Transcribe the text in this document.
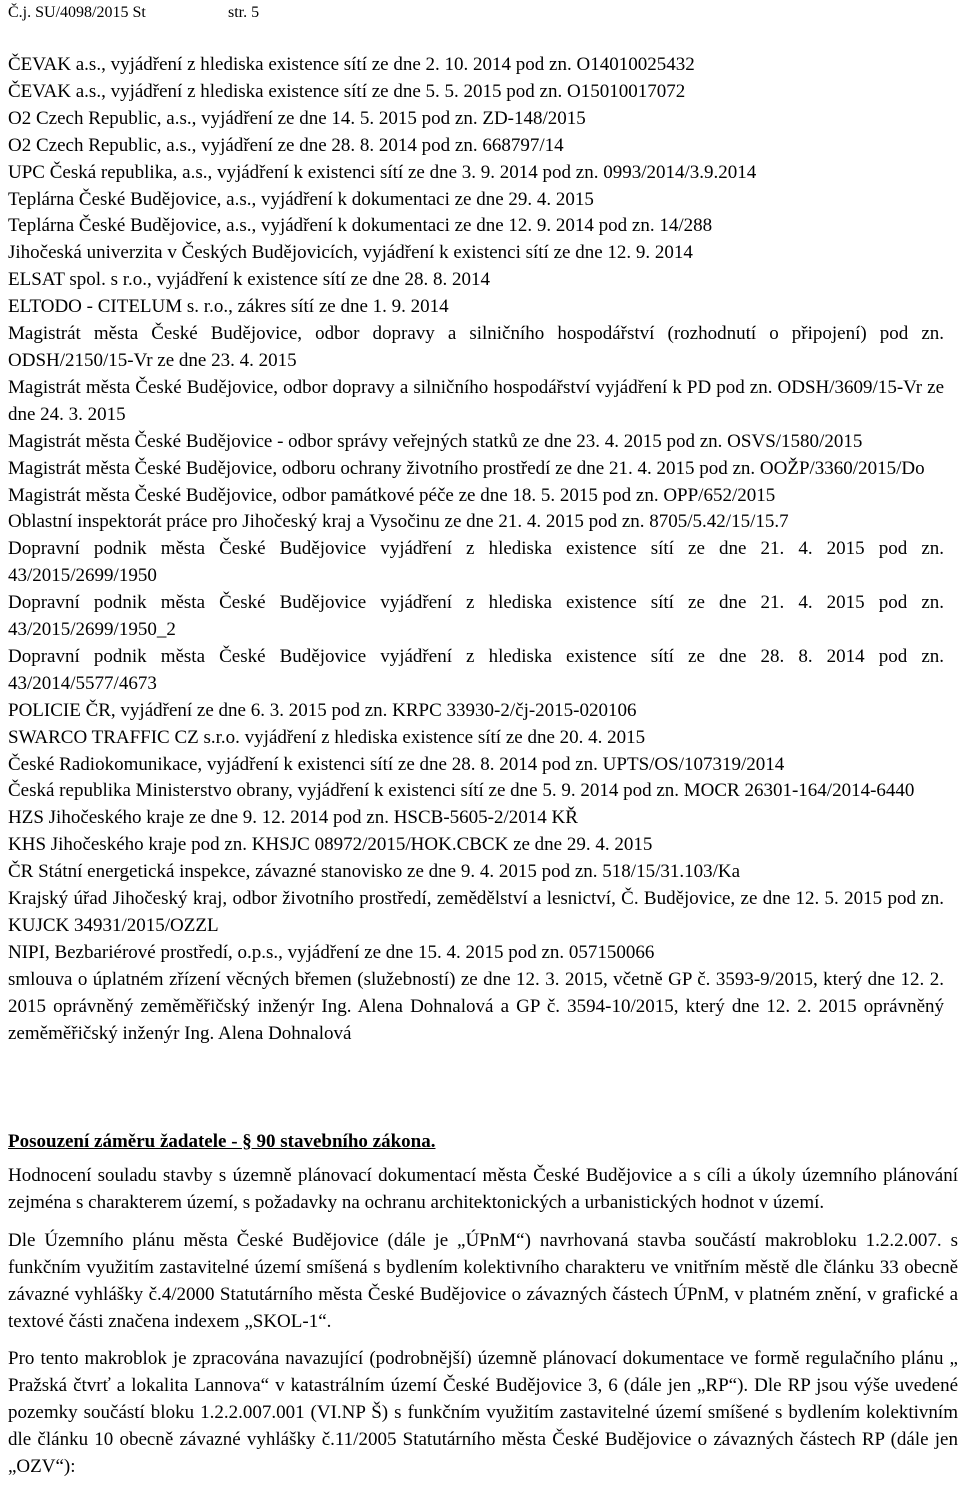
Č.j. SU/4098/2015 St	str. 5

ČEVAK a.s., vyjádření z hlediska existence sítí ze dne 2. 10. 2014 pod zn. O14010025432

ČEVAK a.s., vyjádření z hlediska existence sítí ze dne 5. 5. 2015 pod zn. O15010017072

O2 Czech Republic, a.s., vyjádření ze dne 14. 5. 2015 pod zn. ZD-148/2015

O2 Czech Republic, a.s., vyjádření ze dne 28. 8. 2014 pod zn. 668797/14

UPC Česká republika, a.s., vyjádření k existenci sítí ze dne 3. 9. 2014 pod zn. 0993/2014/3.9.2014

Teplárna České Budějovice, a.s., vyjádření k dokumentaci ze dne 29. 4. 2015

Teplárna České Budějovice, a.s., vyjádření k dokumentaci ze dne 12. 9. 2014 pod zn. 14/288

Jihočeská univerzita v Českých Budějovicích, vyjádření k existenci sítí ze dne 12. 9. 2014

ELSAT spol. s r.o., vyjádření k existence sítí ze dne 28. 8. 2014

ELTODO - CITELUM s. r.o., zákres sítí ze dne 1. 9. 2014

Magistrát města České Budějovice, odbor dopravy a silničního hospodářství (rozhodnutí o připojení) pod zn. ODSH/2150/15-Vr ze dne 23. 4. 2015

Magistrát města České Budějovice, odbor dopravy a silničního hospodářství vyjádření k PD pod zn. ODSH/3609/15-Vr ze dne 24. 3. 2015

Magistrát města České Budějovice - odbor správy veřejných statků ze dne 23. 4. 2015 pod zn. OSVS/1580/2015

Magistrát města České Budějovice, odboru ochrany životního prostředí ze dne 21. 4. 2015 pod zn. OOŽP/3360/2015/Do

Magistrát města České Budějovice, odbor památkové péče ze dne 18. 5. 2015 pod zn. OPP/652/2015

Oblastní inspektorát práce pro Jihočeský kraj a Vysočinu ze dne 21. 4. 2015 pod zn. 8705/5.42/15/15.7

Dopravní podnik města České Budějovice vyjádření z hlediska existence sítí ze dne 21. 4. 2015 pod zn. 43/2015/2699/1950

Dopravní podnik města České Budějovice vyjádření z hlediska existence sítí ze dne 21. 4. 2015 pod zn. 43/2015/2699/1950_2

Dopravní podnik města České Budějovice vyjádření z hlediska existence sítí ze dne 28. 8. 2014 pod zn. 43/2014/5577/4673

POLICIE ČR, vyjádření ze dne 6. 3. 2015 pod zn. KRPC 33930-2/čj-2015-020106

SWARCO TRAFFIC CZ s.r.o. vyjádření z hlediska existence sítí ze dne 20. 4. 2015

České Radiokomunikace, vyjádření k existenci sítí ze dne 28. 8. 2014 pod zn. UPTS/OS/107319/2014

Česká republika Ministerstvo obrany, vyjádření k existenci sítí ze dne 5. 9. 2014 pod zn. MOCR 26301-164/2014-6440

HZS Jihočeského kraje ze dne 9. 12. 2014 pod zn. HSCB-5605-2/2014 KŘ

KHS Jihočeského kraje pod zn. KHSJC 08972/2015/HOK.CBCK ze dne 29. 4. 2015

ČR Státní energetická inspekce, závazné stanovisko ze dne 9. 4. 2015 pod zn. 518/15/31.103/Ka

Krajský úřad Jihočeský kraj, odbor životního prostředí, zemědělství a lesnictví, Č. Budějovice, ze dne 12. 5. 2015 pod zn. KUJCK 34931/2015/OZZL

NIPI, Bezbariérové prostředí, o.p.s., vyjádření ze dne 15. 4. 2015 pod zn. 057150066

smlouva o úplatném zřízení věcných břemen (služebností) ze dne 12. 3. 2015, včetně GP č. 3593-9/2015, který dne 12. 2. 2015 oprávněný zeměměřičský inženýr Ing. Alena Dohnalová a GP č. 3594-10/2015, který dne 12. 2. 2015 oprávněný zeměměřičský inženýr Ing. Alena Dohnalová

Posouzení záměru žadatele - § 90 stavebního zákona.

Hodnocení souladu stavby s územně plánovací dokumentací města České Budějovice a s cíli a úkoly územního plánování zejména s charakterem území, s požadavky na ochranu architektonických a urbanistických hodnot v území.

Dle Územního plánu města České Budějovice (dále je „ÚPnM“) navrhovaná stavba součástí makrobloku 1.2.2.007. s funkčním využitím zastavitelné území smíšená s bydlením kolektivního charakteru ve vnitřním městě dle článku 33 obecně závazné vyhlášky č.4/2000 Statutárního města České Budějovice o závazných částech ÚPnM, v platném znění, v grafické a textové části značena indexem „SKOL-1“.

Pro tento makroblok je zpracována navazující (podrobnější) územně plánovací dokumentace ve formě regulačního plánu „ Pražská čtvrť a lokalita Lannova“ v katastrálním území České Budějovice 3, 6 (dále jen „RP“). Dle RP jsou výše uvedené pozemky součástí bloku 1.2.2.007.001 (VI.NP Š) s funkčním využitím zastavitelné území smíšené s bydlením kolektivním dle článku 10 obecně závazné vyhlášky č.11/2005 Statutárního města České Budějovice o závazných částech RP (dále jen „OZV“):
